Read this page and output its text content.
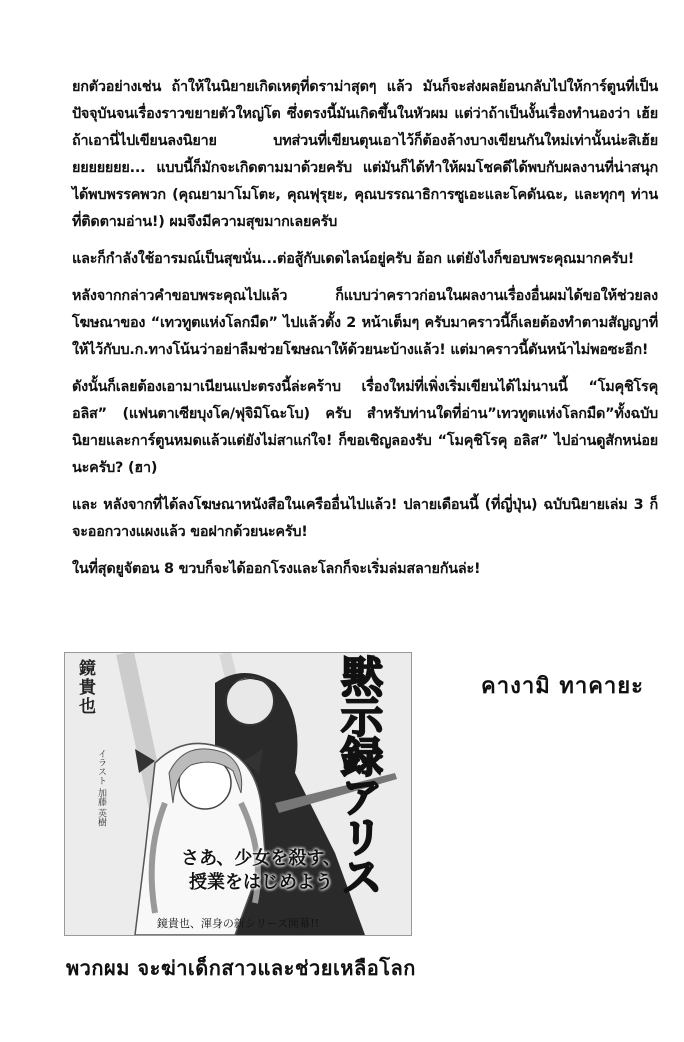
ยกตัวอย่างเช่น ถ้าให้ในนิยายเกิดเหตุที่ดราม่าสุดๆ แล้ว มันก็จะส่งผลย้อนกลับไปให้การ์ตูนที่เป็นปัจจุบันจนเรื่องราวขยายตัวใหญ่โต ซึ่งตรงนี้มันเกิดขึ้นในหัวผม แต่ว่าถ้าเป็นงั้นเรื่องทำนองว่า เฮ้ย ถ้าเอานี่ไปเขียนลงนิยาย บทส่วนที่เขียนตุนเอาไว้ก็ต้องล้างบางเขียนกันใหม่เท่านั้นน่ะสิเฮ้ยยยยยยยย... แบบนี้ก็มักจะเกิดตามมาด้วยครับ แต่มันก็ได้ทำให้ผมโชคดีได้พบกับผลงานที่น่าสนุก ได้พบพรรคพวก (คุณยามาโมโตะ, คุณฟุรุยะ, คุณบรรณาธิการซูเอะและโคดันฉะ, และทุกๆ ท่านที่ติดตามอ่าน!) ผมจึงมีความสุขมากเลยครับ

และก็กำลังใช้อารมณ์เป็นสุขนั่น...ต่อสู้กับเดดไลน์อยู่ครับ อ้อก แต่ยังไงก็ขอบพระคุณมากครับ!

หลังจากกล่าวคำขอบพระคุณไปแล้ว ก็แบบว่าคราวก่อนในผลงานเรื่องอื่นผมได้ขอให้ช่วยลงโฆษณาของ “เทวทูตแห่งโลกมืด” ไปแล้วตั้ง 2 หน้าเต็มๆ ครับมาคราวนี้ก็เลยต้องทำตามสัญญาที่ให้ไว้กับบ.ก.ทางโน้นว่าอย่าลืมช่วยโฆษณาให้ด้วยนะบ้างแล้ว! แต่มาคราวนี้ดันหน้าไม่พอซะอีก!

ดังนั้นก็เลยต้องเอามาเนียนแปะตรงนี้ล่ะคร้าบ เรื่องใหม่ที่เพิ่งเริ่มเขียนได้ไม่นานนี้ “โมคุชิโรคุ อลิส” (แฟนตาเซียบุงโค/ฟุจิมิโฉะโบ) ครับ สำหรับท่านใดที่อ่าน”เทวทูตแห่งโลกมืด”ทั้งฉบับนิยายและการ์ตูนหมดแล้วแต่ยังไม่สาแก่ใจ! ก็ขอเชิญลองรับ “โมคุชิโรคุ อลิส” ไปอ่านดูสักหน่อยนะครับ? (ฮา)

และ หลังจากที่ได้ลงโฆษณาหนังสือในเครืออื่นไปแล้ว! ปลายเดือนนี้ (ที่ญี่ปุ่น) ฉบับนิยายเล่ม 3 ก็จะออกวางแผงแล้ว ขอฝากด้วยนะครับ!

ในที่สุดยูจัตอน 8 ขวบก็จะได้ออกโรงและโลกก็จะเริ่มล่มสลายกันล่ะ!

คางามิ ทาคายะ
鏡貴也
イラスト 加藤 英樹	黙示録アリス
さあ、少女を殺す、
授業をはじめよう
鏡貴也、渾身の新シリーズ開幕!!
พวกผม จะฆ่าเด็กสาวและช่วยเหลือโลก
